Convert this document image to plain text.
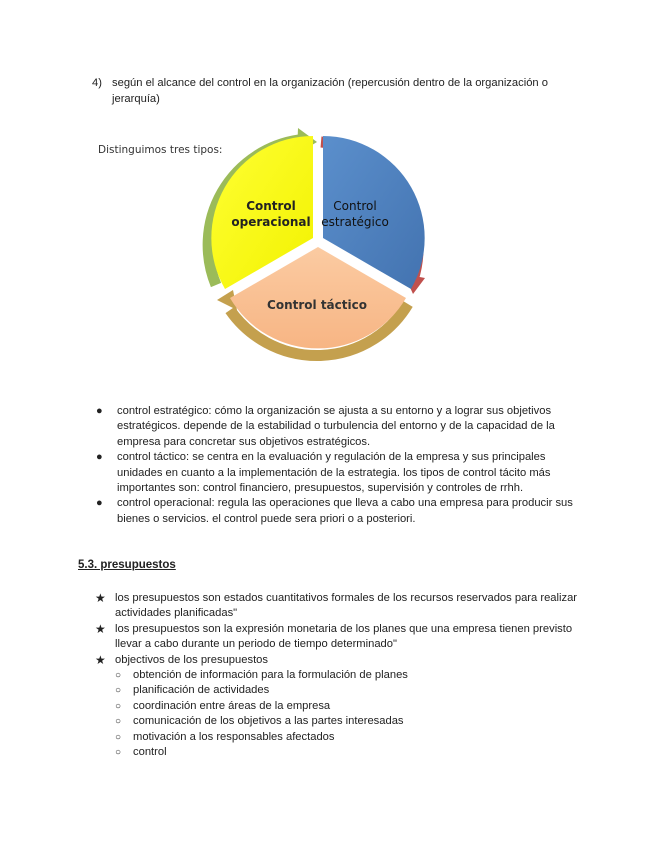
4) según el alcance del control en la organización (repercusión dentro de la organización o jerarquía)
Control
operacional
Control
estratégico
Control táctico
Distinguimos tres tipos:
● control estratégico: cómo la organización se ajusta a su entorno y a lograr sus objetivos estratégicos. depende de la estabilidad o turbulencia del entorno y de la capacidad de la empresa para concretar sus objetivos estratégicos.
● control táctico: se centra en la evaluación y regulación de la empresa y sus principales unidades en cuanto a la implementación de la estrategia. los tipos de control tácito más importantes son: control financiero, presupuestos, supervisión y controles de rrhh.
● control operacional: regula las operaciones que lleva a cabo una empresa para producir sus bienes o servicios. el control puede sera priori o a posteriori.
5.3. presupuestos
★ los presupuestos son estados cuantitativos formales de los recursos reservados para realizar actividades planificadas"
★ los presupuestos son la expresión monetaria de los planes que una empresa tienen previsto llevar a cabo durante un periodo de tiempo determinado"
★ objectivos de los presupuestos
○ obtención de información para la formulación de planes
○ planificación de actividades
○ coordinación entre áreas de la empresa
○ comunicación de los objetivos a las partes interesadas
○ motivación a los responsables afectados
○ control
